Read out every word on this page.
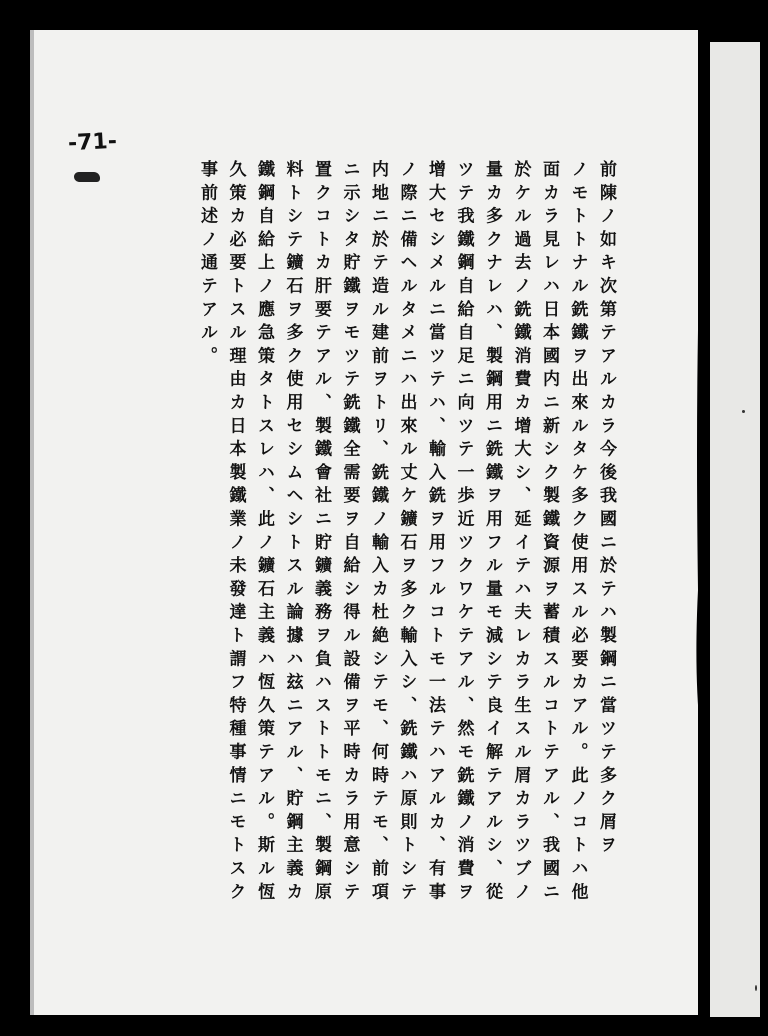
-71-

前陳ノ如キ次第テアルカラ今後我國ニ於テハ製鋼ニ當ツテ多ク屑ヲ

ノモトトナル銑鐵ヲ出來ルタケ多ク使用スル必要カアル。此ノコトハ他

面カラ見レハ日本國内ニ新シク製鐵資源ヲ蓄積スルコトテアル、我國ニ

於ケル過去ノ銑鐵消費カ增大シ、延イテハ夫レカラ生スル屑カラツブノ

量カ多クナレハ、製鋼用ニ銑鐵ヲ用フル量モ減シテ良イ解テアルシ、從

ツテ我鐵鋼自給自足ニ向ツテ一歩近ツクワケテアル、然モ銑鐵ノ消費ヲ

增大セシメルニ當ツテハ、輸入銑ヲ用フルコトモ一法テハアルカ、有事

ノ際ニ備ヘルタメニハ出來ル丈ケ鑛石ヲ多ク輸入シ、銑鐵ハ原則トシテ

内地ニ於テ造ル建前ヲトリ、銑鐵ノ輸入カ杜絶シテモ、何時テモ、前項

ニ示シタ貯鐵ヲモツテ銑鐵全需要ヲ自給シ得ル設備ヲ平時カラ用意シテ

置クコトカ肝要テアル、製鐵會社ニ貯鑛義務ヲ負ハストトモニ、製鋼原

料トシテ鑛石ヲ多ク使用セシムヘシトスル論據ハ玆ニアル、貯鋼主義カ

鐵鋼自給上ノ應急策タトスレハ、此ノ鑛石主義ハ恆久策テアル。斯ル恆

久策カ必要トスル理由カ日本製鐵業ノ未發達ト謂フ特種事情ニモトスク

事前述ノ通テアル。
